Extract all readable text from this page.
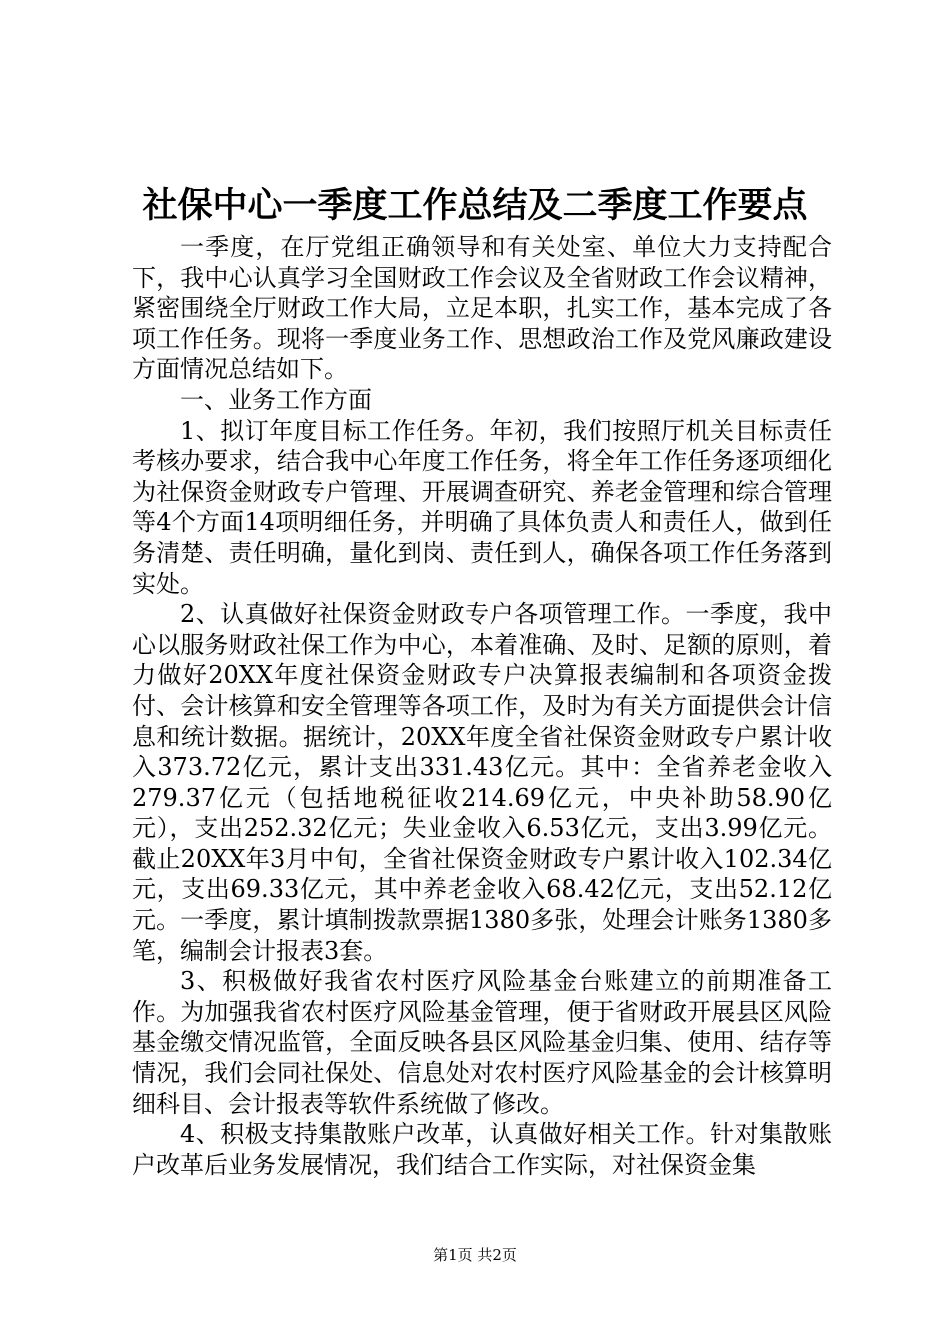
社保中心一季度工作总结及二季度工作要点

一季度，在厅党组正确领导和有关处室、单位大力支持配合下，我中心认真学习全国财政工作会议及全省财政工作会议精神，紧密围绕全厅财政工作大局，立足本职，扎实工作，基本完成了各项工作任务。现将一季度业务工作、思想政治工作及党风廉政建设方面情况总结如下。

一、业务工作方面

1、拟订年度目标工作任务。年初，我们按照厅机关目标责任考核办要求，结合我中心年度工作任务，将全年工作任务逐项细化为社保资金财政专户管理、开展调查研究、养老金管理和综合管理等4个方面14项明细任务，并明确了具体负责人和责任人，做到任务清楚、责任明确，量化到岗、责任到人，确保各项工作任务落到实处。

2、认真做好社保资金财政专户各项管理工作。一季度，我中心以服务财政社保工作为中心，本着准确、及时、足额的原则，着力做好20XX年度社保资金财政专户决算报表编制和各项资金拨付、会计核算和安全管理等各项工作，及时为有关方面提供会计信息和统计数据。据统计，20XX年度全省社保资金财政专户累计收入373.72亿元，累计支出331.43亿元。其中：全省养老金收入279.37亿元（包括地税征收214.69亿元，中央补助58.90亿元），支出252.32亿元；失业金收入6.53亿元，支出3.99亿元。截止20XX年3月中旬，全省社保资金财政专户累计收入102.34亿元，支出69.33亿元，其中养老金收入68.42亿元，支出52.12亿元。一季度，累计填制拨款票据1380多张，处理会计账务1380多笔，编制会计报表3套。

3、积极做好我省农村医疗风险基金台账建立的前期准备工作。为加强我省农村医疗风险基金管理，便于省财政开展县区风险基金缴交情况监管，全面反映各县区风险基金归集、使用、结存等情况，我们会同社保处、信息处对农村医疗风险基金的会计核算明细科目、会计报表等软件系统做了修改。

4、积极支持集散账户改革，认真做好相关工作。针对集散账户改革后业务发展情况，我们结合工作实际，对社保资金集

第1页 共2页
